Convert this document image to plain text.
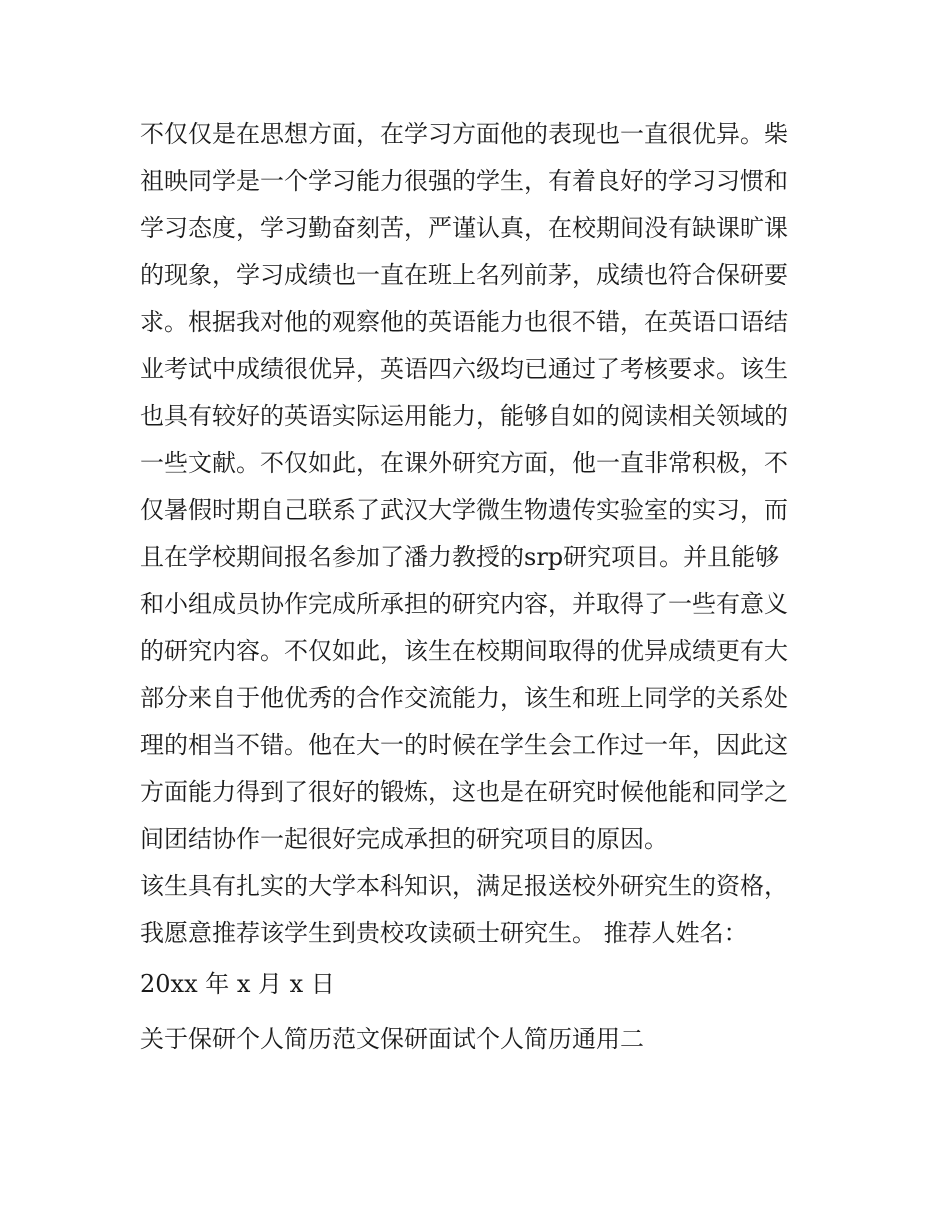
不仅仅是在思想方面，在学习方面他的表现也一直很优异。柴
祖映同学是一个学习能力很强的学生，有着良好的学习习惯和
学习态度，学习勤奋刻苦，严谨认真，在校期间没有缺课旷课
的现象，学习成绩也一直在班上名列前茅，成绩也符合保研要
求。根据我对他的观察他的英语能力也很不错，在英语口语结
业考试中成绩很优异，英语四六级均已通过了考核要求。该生
也具有较好的英语实际运用能力，能够自如的阅读相关领域的
一些文献。不仅如此，在课外研究方面，他一直非常积极，不
仅暑假时期自己联系了武汉大学微生物遗传实验室的实习，而
且在学校期间报名参加了潘力教授的srp研究项目。并且能够
和小组成员协作完成所承担的研究内容，并取得了一些有意义
的研究内容。不仅如此，该生在校期间取得的优异成绩更有大
部分来自于他优秀的合作交流能力，该生和班上同学的关系处
理的相当不错。他在大一的时候在学生会工作过一年，因此这
方面能力得到了很好的锻炼，这也是在研究时候他能和同学之
间团结协作一起很好完成承担的研究项目的原因。
该生具有扎实的大学本科知识，满足报送校外研究生的资格，
我愿意推荐该学生到贵校攻读硕士研究生。 推荐人姓名：
20xx 年 x 月 x 日
关于保研个人简历范文保研面试个人简历通用二
